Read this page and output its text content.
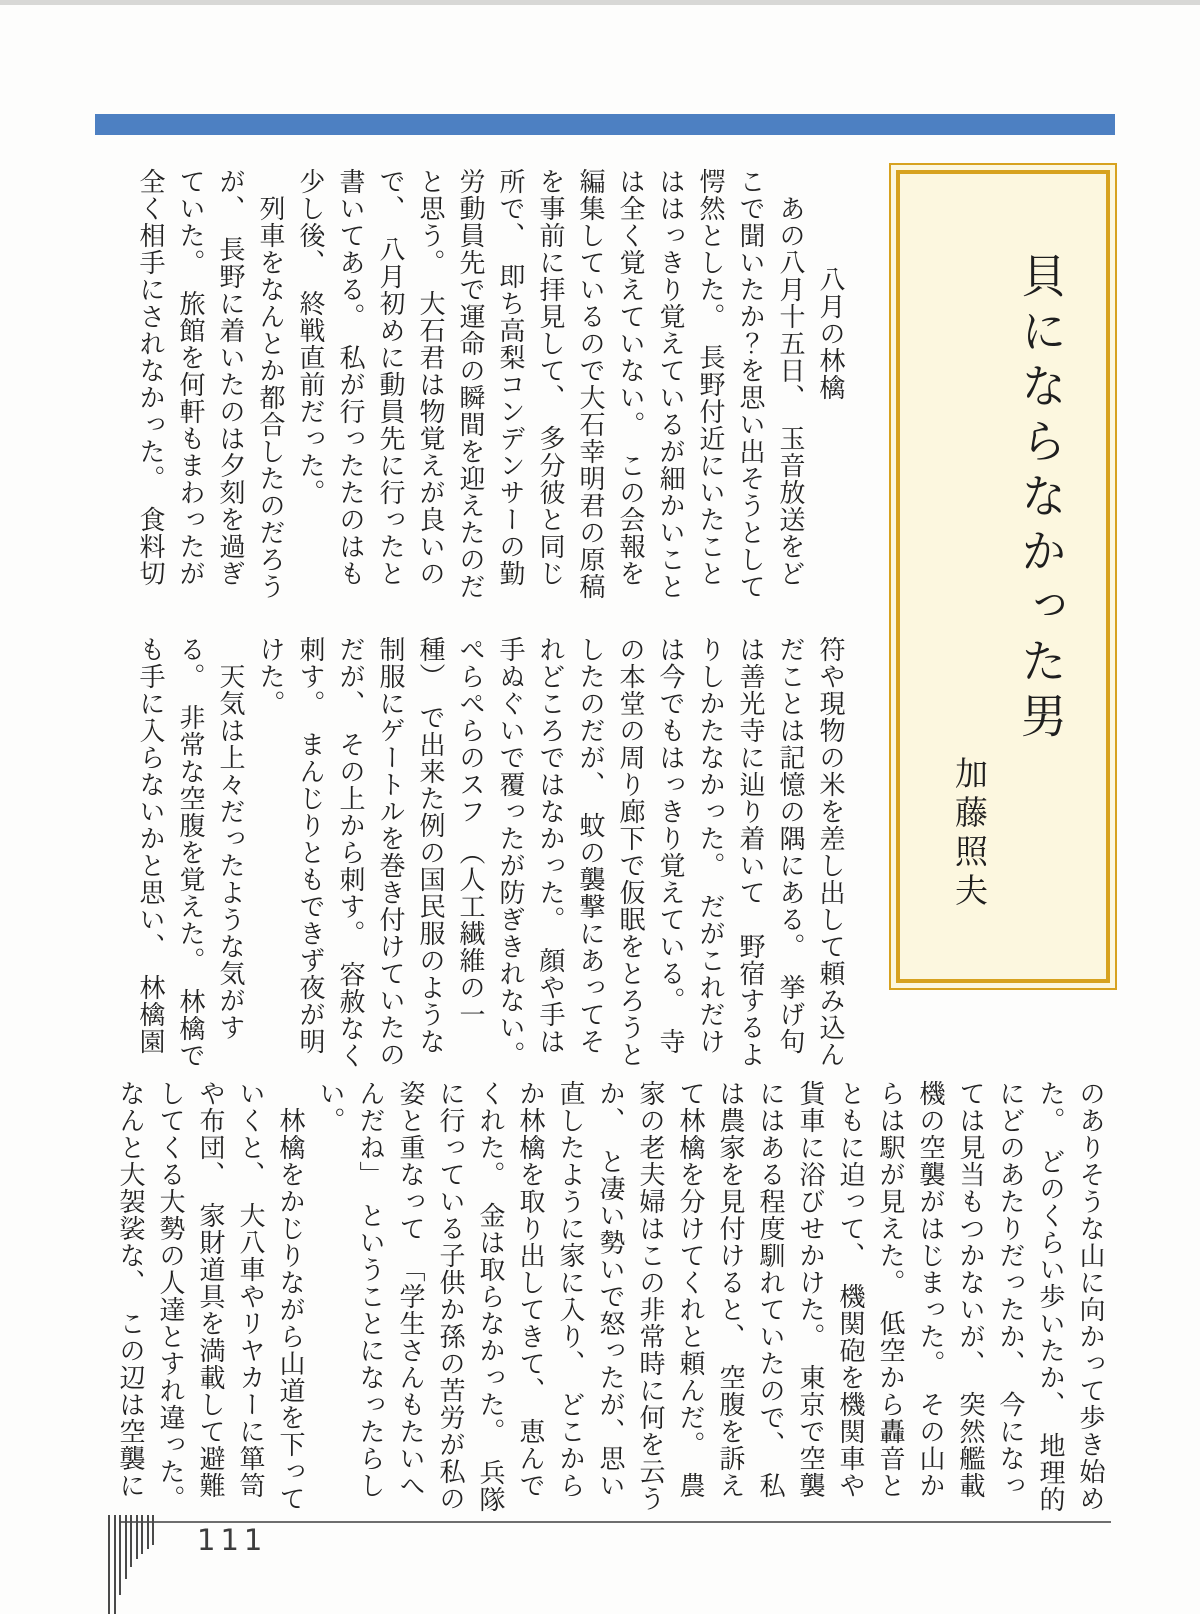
貝にならなかった男
加藤照夫
八月の林檎
　あの八月十五日、　玉音放送をど
こで聞いたか？を思い出そうとして
愕然とした。　長野付近にいたこと
ははっきり覚えているが細かいこと
は全く覚えていない。　この会報を
編集しているので大石幸明君の原稿
を事前に拝見して、　多分彼と同じ
所で、　即ち高梨コンデンサーの勤
労動員先で運命の瞬間を迎えたのだ
と思う。　大石君は物覚えが良いの
で、　八月初めに動員先に行ったと
書いてある。　私が行ったたのはも
少し後、　終戦直前だった。
　列車をなんとか都合したのだろう
が、　長野に着いたのは夕刻を過ぎ
ていた。　旅館を何軒もまわったが
全く相手にされなかった。　食料切
符や現物の米を差し出して頼み込ん
だことは記憶の隅にある。　挙げ句
は善光寺に辿り着いて　野宿するよ
りしかたなかった。　だがこれだけ
は今でもはっきり覚えている。　寺
の本堂の周り廊下で仮眠をとろうと
したのだが、　蚊の襲撃にあってそ
れどころではなかった。　顔や手は
手ぬぐいで覆ったが防ぎきれない。
ぺらぺらのスフ　（人工繊維の一
種）　で出来た例の国民服のような
制服にゲートルを巻き付けていたの
だが、　その上から刺す。　容赦なく
刺す。　まんじりともできず夜が明
けた。
　天気は上々だったような気がす
る。　非常な空腹を覚えた。　林檎で
も手に入らないかと思い、　林檎園
のありそうな山に向かって歩き始め
た。　どのくらい歩いたか、　地理的
にどのあたりだったか、　今になっ
ては見当もつかないが、　突然艦載
機の空襲がはじまった。　その山か
らは駅が見えた。　低空から轟音と
ともに迫って、　機関砲を機関車や
貨車に浴びせかけた。　東京で空襲
にはある程度馴れていたので、　私
は農家を見付けると、　空腹を訴え
て林檎を分けてくれと頼んだ。　農
家の老夫婦はこの非常時に何を云う
か、　と凄い勢いで怒ったが、思い
直したように家に入り、　どこから
か林檎を取り出してきて、　恵んで
くれた。　金は取らなかった。　兵隊
に行っている子供か孫の苦労が私の
姿と重なって　「学生さんもたいへ
んだね」　ということになったらし
い。
　林檎をかじりながら山道を下って
いくと、　大八車やリヤカーに箪笥
や布団、　家財道具を満載して避難
してくる大勢の人達とすれ違った。
なんと大袈裟な、　この辺は空襲に
111
